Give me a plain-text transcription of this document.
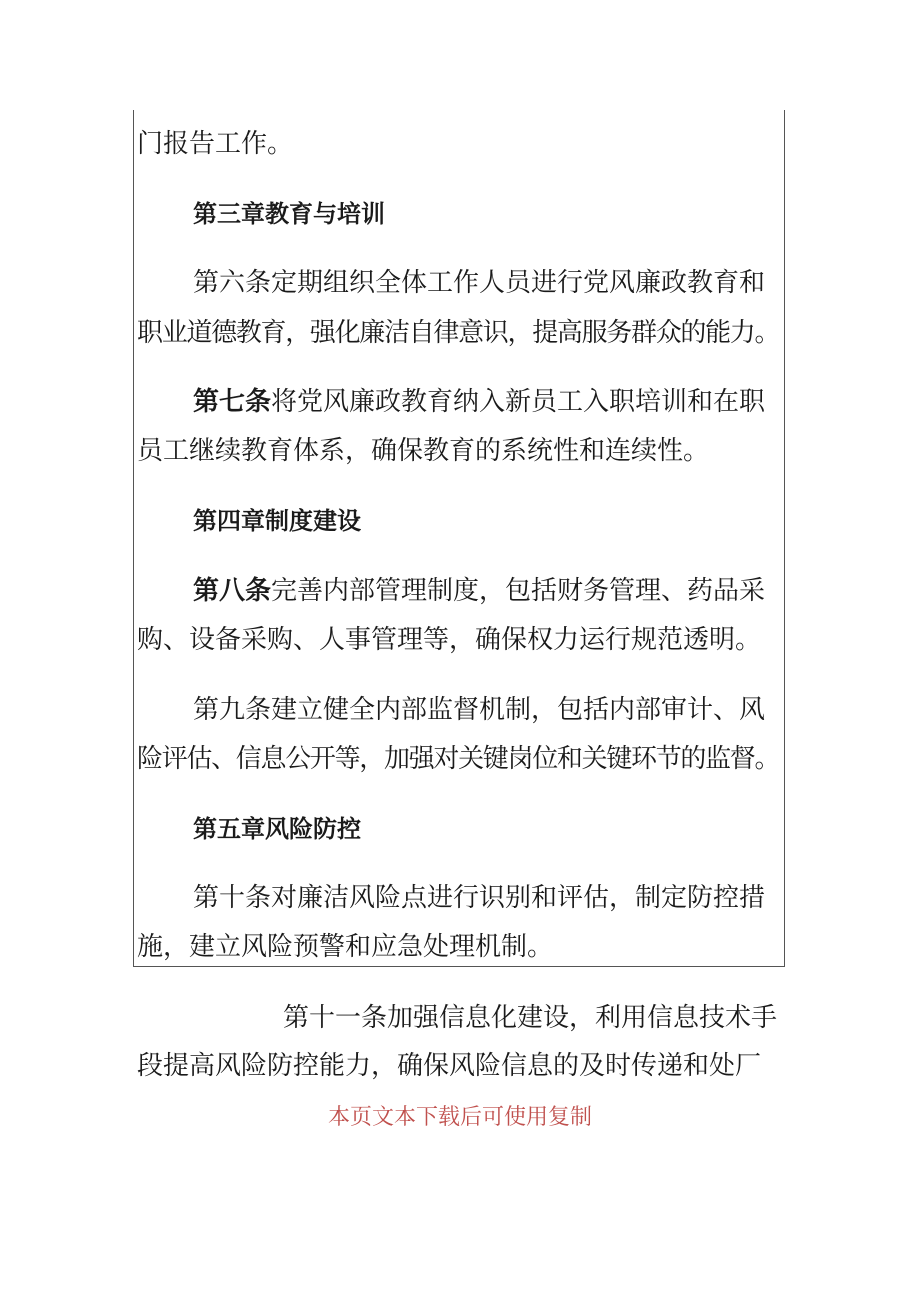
门报告工作。
第三章教育与培训
第六条定期组织全体工作人员进行党风廉政教育和
职业道德教育，强化廉洁自律意识，提高服务群众的能力。
第七条将党风廉政教育纳入新员工入职培训和在职
员工继续教育体系，确保教育的系统性和连续性。
第四章制度建设
第八条完善内部管理制度，包括财务管理、药品采
购、设备采购、人事管理等，确保权力运行规范透明。
第九条建立健全内部监督机制，包括内部审计、风
险评估、信息公开等，加强对关键岗位和关键环节的监督。
第五章风险防控
第十条对廉洁风险点进行识别和评估，制定防控措
施，建立风险预警和应急处理机制。
第十一条加强信息化建设，利用信息技术手
段提高风险防控能力，确保风险信息的及时传递和处厂
本页文本下载后可使用复制
